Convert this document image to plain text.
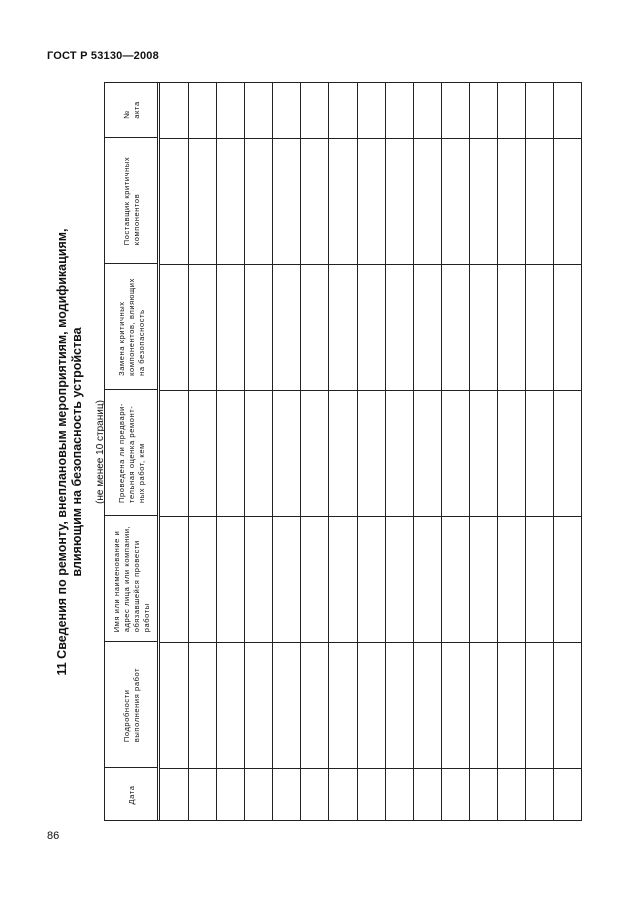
ГОСТ Р 53130—2008
11 Сведения по ремонту, внеплановым мероприятиям, модификациям, влияющим на безопасность устройства (не менее 10 страниц)
№
акта
Поставщик критичных
компонентов
Замена критичных
компонентов, влияющих
на безопасность
Проведена ли предвари-
тельная оценка ремонт-
ных работ, кем
Имя или наименование и
адрес лица или компании,
обязавшейся провести
работы
Подробности
выполнения работ
Дата
86
